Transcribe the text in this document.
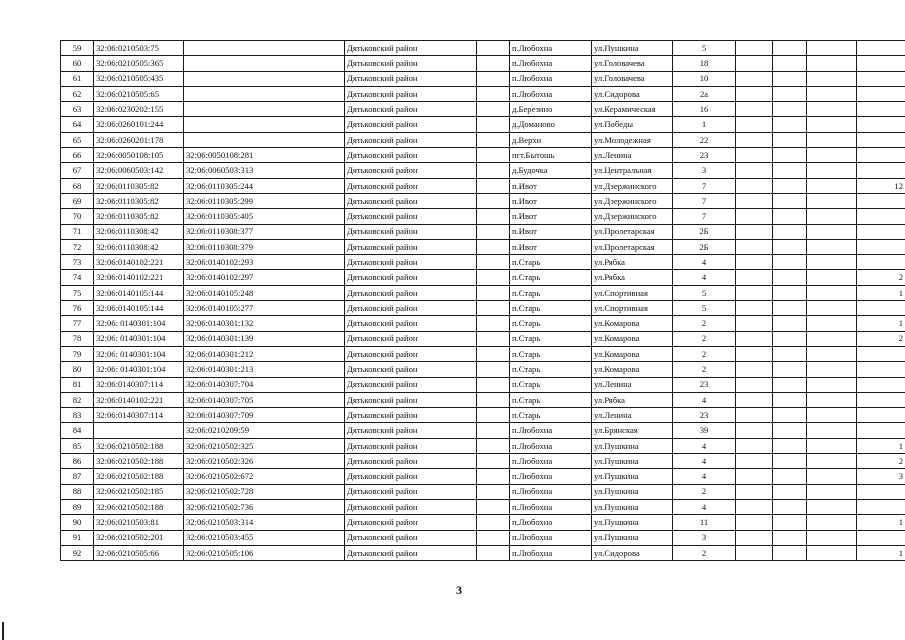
59	32:06:0210503:75		Дятьковский район		п.Любохна	ул.Пушкина	5				
60	32:06:0210505:365		Дятьковский район		п.Любохна	ул.Головачева	18				
61	32:06:0210505:435		Дятьковский район		п.Любохна	ул.Головачева	10				
62	32:06:0210505:65		Дятьковский район		п.Любохна	ул.Сидорова	2а				
63	32:06:0230202:155		Дятьковский район		д.Березино	ул.Керамическая	16				
64	32:06:0260101:244		Дятьковский район		д.Доманово	ул.Победы	1				
65	32:06:0260201:178		Дятьковский район		д.Верхи	ул.Молодежная	22				
66	32:06:0050108:105	32:06:0050108:281	Дятьковский район		пгт.Бытошь	ул.Ленина	23				
67	32:06:0060503:142	32:06:0060503:313	Дятьковский район		д.Будочка	ул.Центральная	3				
68	32:06:0110305:82	32:06:0110305:244	Дятьковский район		п.Ивот	ул.Дзержинского	7				12
69	32:06:0110305:82	32:06:0110305:299	Дятьковский район		п.Ивот	ул.Дзержинского	7				
70	32:06:0110305:82	32:06:0110305:405	Дятьковский район		п.Ивот	ул.Дзержинского	7				
71	32:06:0110308:42	32:06:0110308:377	Дятьковский район		п.Ивот	ул.Пролетарская	2Б				
72	32:06:0110308:42	32:06:0110308:379	Дятьковский район		п.Ивот	ул.Пролетарская	2Б				
73	32:06:0140102:221	32:06:0140102:293	Дятьковский район		п.Старь	ул.Рябка	4				
74	32:06:0140102:221	32:06:0140102:297	Дятьковский район		п.Старь	ул.Рябка	4				2
75	32:06:0140105:144	32:06:0140105:248	Дятьковский район		п.Старь	ул.Спортивная	5				1
76	32:06:0140105:144	32:06:0140105:277	Дятьковский район		п.Старь	ул.Спортивная	5				
77	32:06: 0140301:104	32:06:0140301:132	Дятьковский район		п.Старь	ул.Комарова	2				1
78	32:06: 0140301:104	32:06:0140301:139	Дятьковский район		п.Старь	ул.Комарова	2				2
79	32:06: 0140301:104	32:06:0140301:212	Дятьковский район		п.Старь	ул.Комарова	2				
80	32:06: 0140301:104	32:06:0140301:213	Дятьковский район		п.Старь	ул.Комарова	2				
81	32:06:0140307:114	32:06:0140307:704	Дятьковский район		п.Старь	ул.Ленина	23				
82	32:06:0140102:221	32:06:0140307:705	Дятьковский район		п.Старь	ул.Рябка	4				
83	32:06:0140307:114	32:06:0140307:709	Дятьковский район		п.Старь	ул.Ленина	23				
84		32:06:0210209:59	Дятьковский район		п.Любохна	ул.Брянская	39				
85	32:06:0210502:188	32:06:0210502:325	Дятьковский район		п.Любохна	ул.Пушкина	4				1
86	32:06:0210502:188	32:06:0210502:326	Дятьковский район		п.Любохна	ул.Пушкина	4				2
87	32:06:0210502:188	32:06:0210502:672	Дятьковский район		п.Любохна	ул.Пушкина	4				3
88	32:06:0210502:185	32:06:0210502:728	Дятьковский район		п.Любохна	ул.Пушкина	2				
89	32:06:0210502:188	32:06:0210502:736	Дятьковский район		п.Любохна	ул.Пушкина	4				
90	32:06:0210503:81	32:06:0210503:314	Дятьковский район		п.Любохна	ул.Пушкина	11				1
91	32:06:0210502:201	32:06:0210503:455	Дятьковский район		п.Любохна	ул.Пушкина	3				
92	32:06:0210505:66	32:06:0210505:106	Дятьковский район		п.Любохна	ул.Сидорова	2				1
3
